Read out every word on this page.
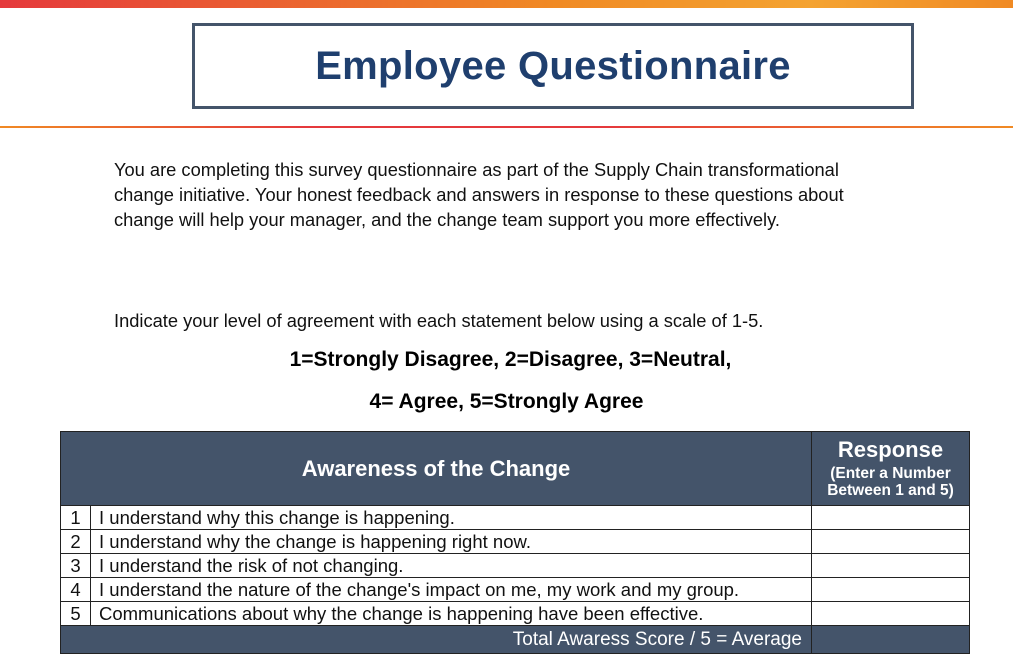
Employee Questionnaire

You are completing this survey questionnaire as part of the Supply Chain transformational change initiative. Your honest feedback and answers in response to these questions about change will help your manager, and the change team support you more effectively.

Indicate your level of agreement with each statement below using a scale of 1-5.

1=Strongly Disagree, 2=Disagree, 3=Neutral,

4= Agree, 5=Strongly Agree

Awareness of the Change		Response
(Enter a Number Between 1 and 5)

1	I understand why this change is happening.	
2	I understand why the change is happening right now.	
3	I understand the risk of not changing.	
4	I understand the nature of the change's impact on me, my work and my group.	
5	Communications about why the change is happening have been effective.	
Total Awaress Score / 5 = Average		
